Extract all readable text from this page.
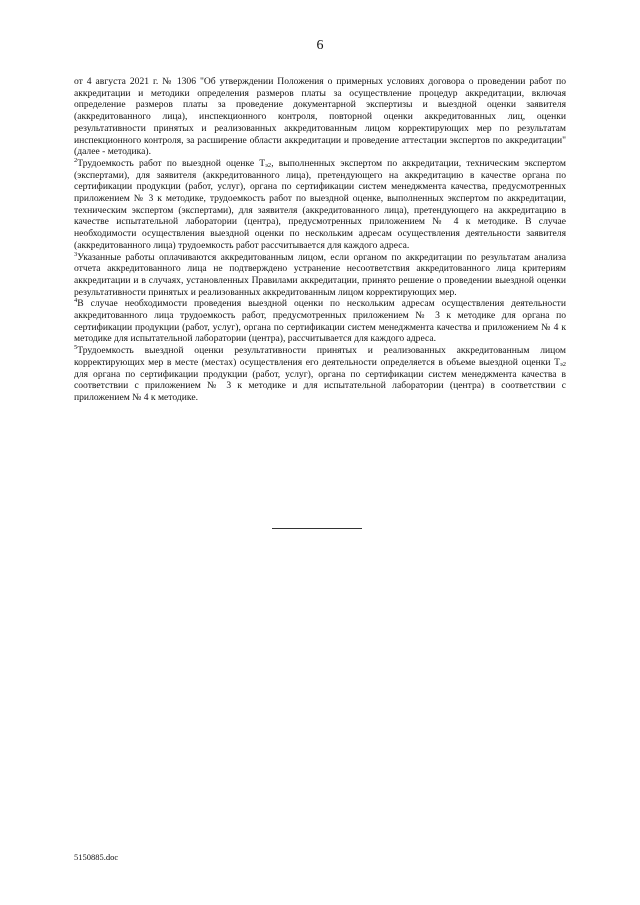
6

от 4 августа 2021 г. № 1306 "Об утверждении Положения о примерных условиях договора о проведении работ по аккредитации и методики определения размеров платы за осуществление процедур аккредитации, включая определение размеров платы за проведение документарной экспертизы и выездной оценки заявителя (аккредитованного лица), инспекционного контроля, повторной оценки аккредитованных лиц, оценки результативности принятых и реализованных аккредитованным лицом корректирующих мер по результатам инспекционного контроля, за расширение области аккредитации и проведение аттестации экспертов по аккредитации" (далее - методика).

$^2$Трудоемкость работ по выездной оценке Тэ2, выполненных экспертом по аккредитации, техническим экспертом (экспертами), для заявителя (аккредитованного лица), претендующего на аккредитацию в качестве органа по сертификации продукции (работ, услуг), органа по сертификации систем менеджмента качества, предусмотренных приложением № 3 к методике, трудоемкость работ по выездной оценке, выполненных экспертом по аккредитации, техническим экспертом (экспертами), для заявителя (аккредитованного лица), претендующего на аккредитацию в качестве испытательной лаборатории (центра), предусмотренных приложением № 4 к методике. В случае необходимости осуществления выездной оценки по нескольким адресам осуществления деятельности заявителя (аккредитованного лица) трудоемкость работ рассчитывается для каждого адреса.

$^3$Указанные работы оплачиваются аккредитованным лицом, если органом по аккредитации по результатам анализа отчета аккредитованного лица не подтверждено устранение несоответствия аккредитованного лица критериям аккредитации и в случаях, установленных Правилами аккредитации, принято решение о проведении выездной оценки результативности принятых и реализованных аккредитованным лицом корректирующих мер.

$^4$В случае необходимости проведения выездной оценки по нескольким адресам осуществления деятельности аккредитованного лица трудоемкость работ, предусмотренных приложением № 3 к методике для органа по сертификации продукции (работ, услуг), органа по сертификации систем менеджмента качества и приложением № 4 к методике для испытательной лаборатории (центра), рассчитывается для каждого адреса.

$^5$Трудоемкость выездной оценки результативности принятых и реализованных аккредитованным лицом корректирующих мер в месте (местах) осуществления его деятельности определяется в объеме выездной оценки Тэ2 для органа по сертификации продукции (работ, услуг), органа по сертификации систем менеджмента качества в соответствии с приложением № 3 к методике и для испытательной лаборатории (центра) в соответствии с приложением № 4 к методике.

5150885.doc
